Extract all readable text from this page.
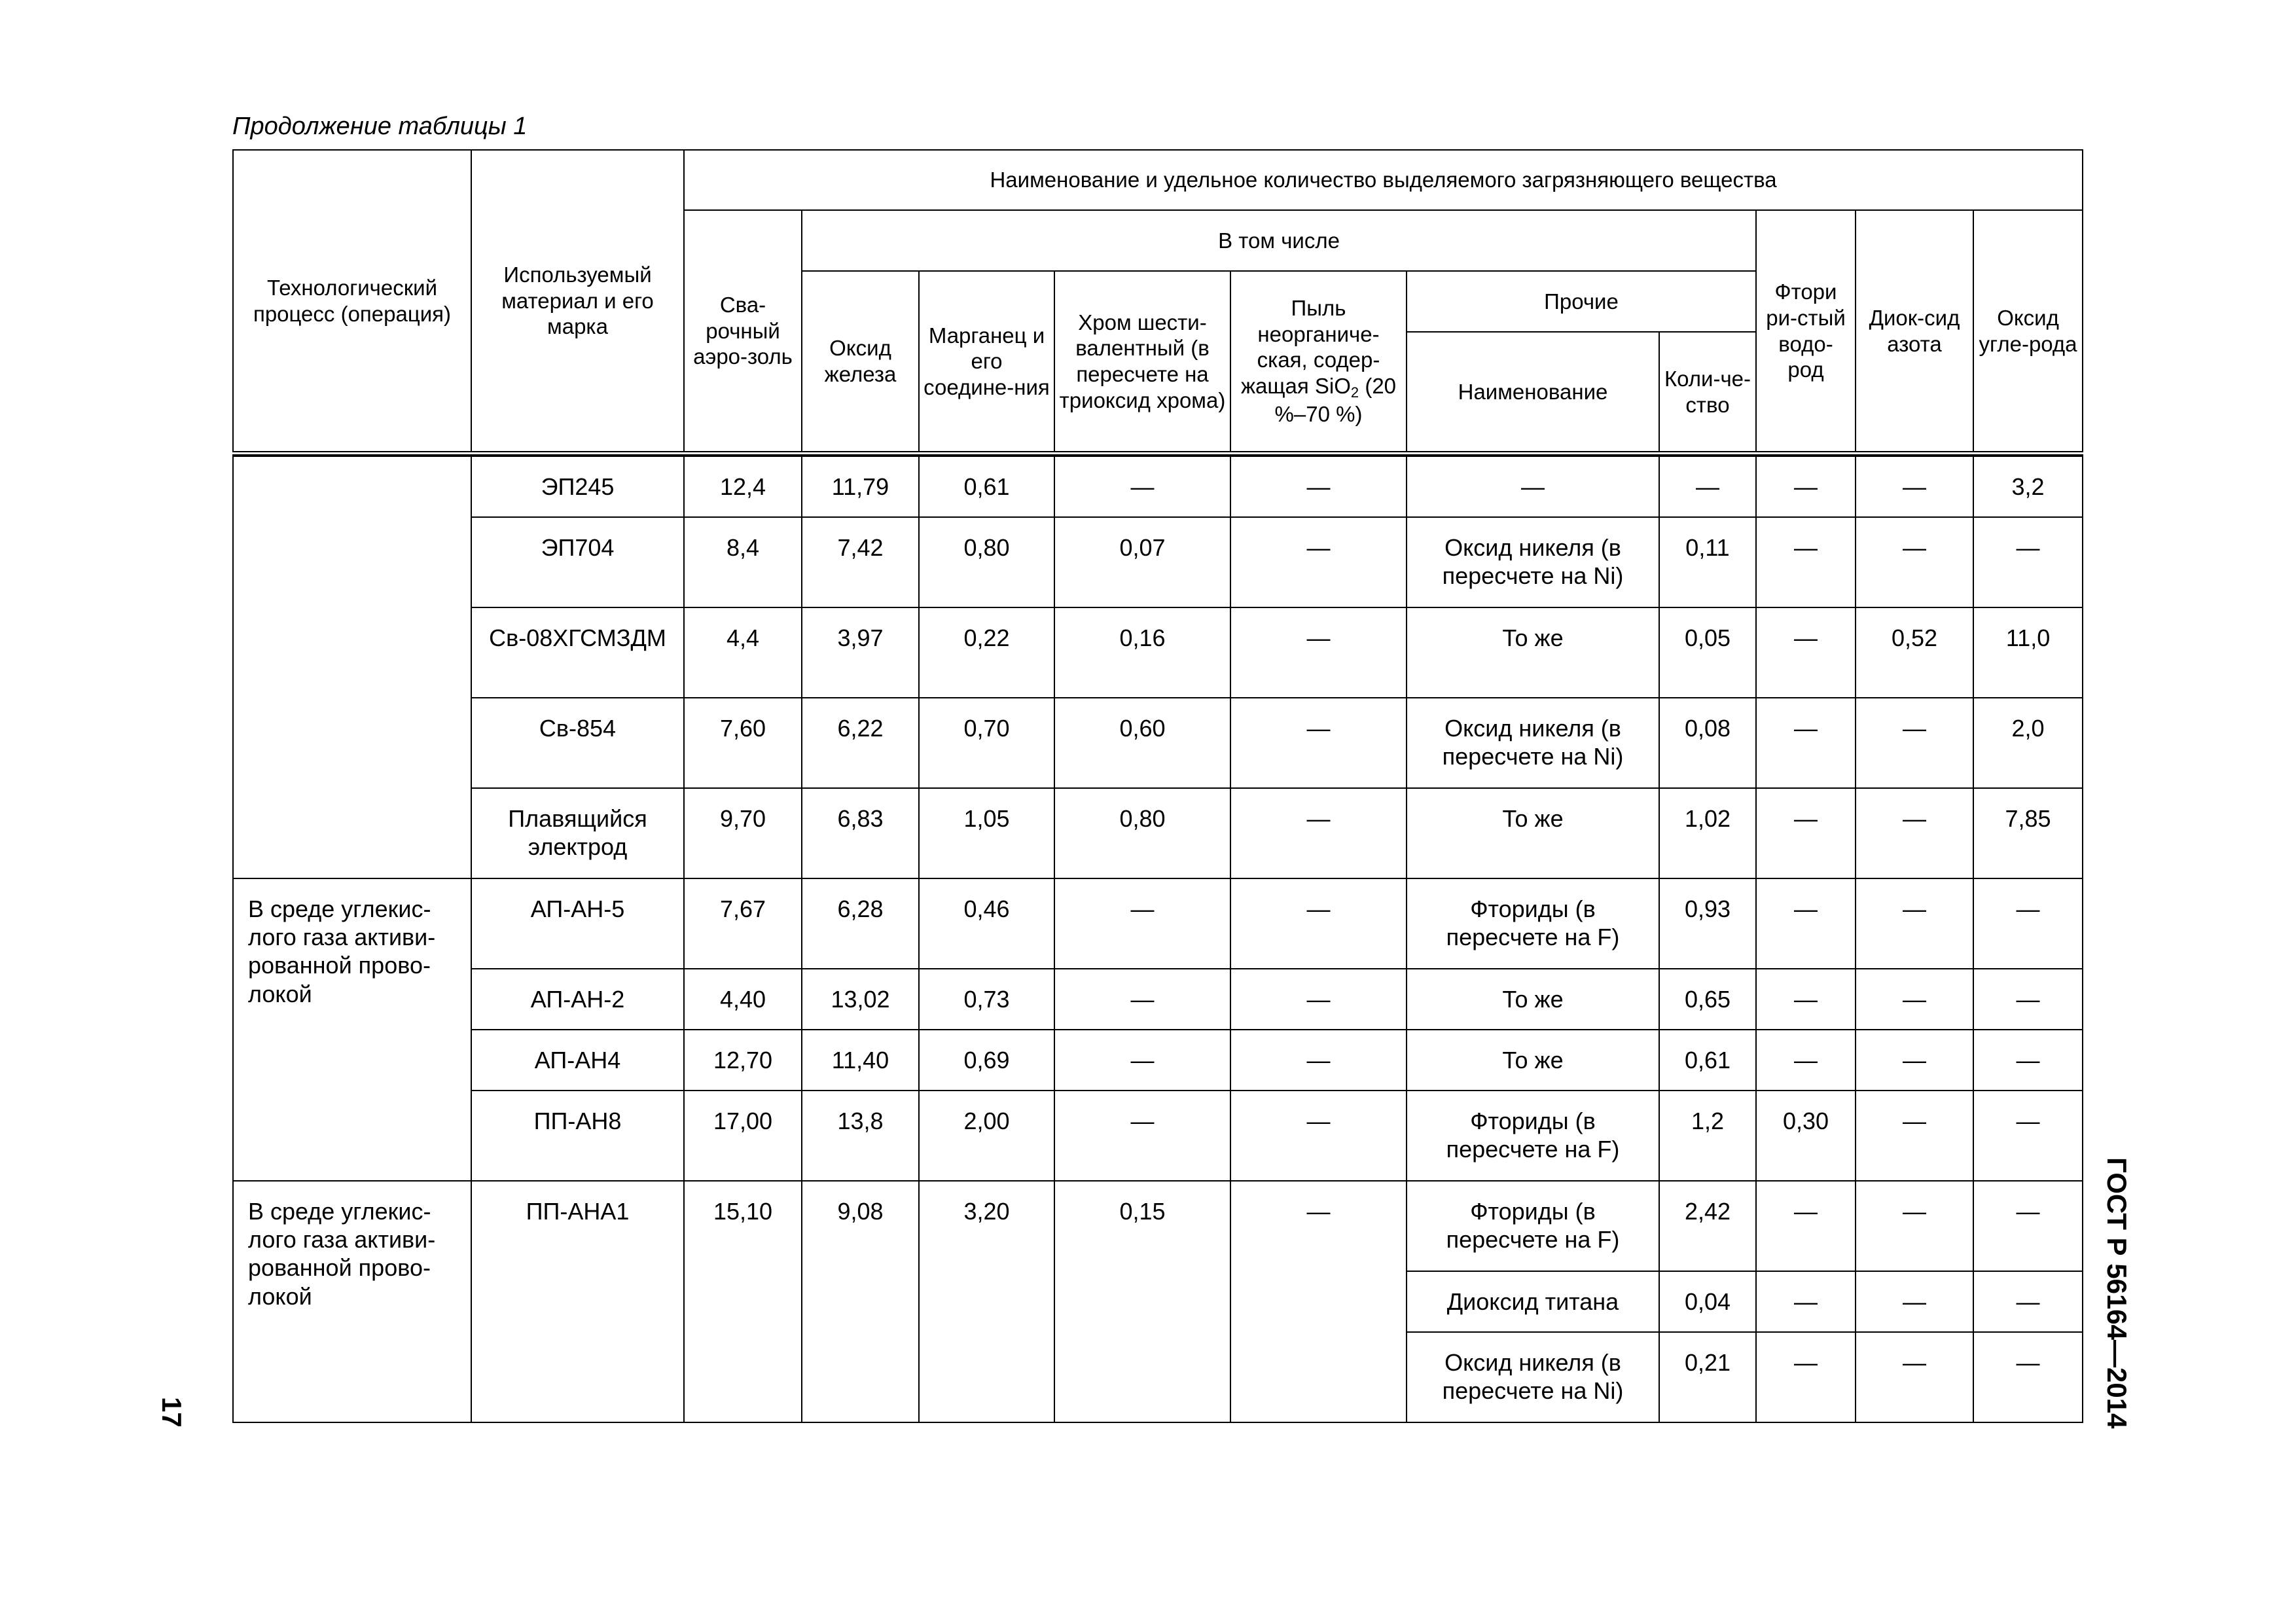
Продолжение таблицы 1
Технологический процесс (операция)	Используемый материал и его марка	Наименование и удельное количество выделяемого загрязняющего вещества									
		Сва-рочный аэро-золь	В том числе						Фтори ри-стый водо-род	Диок-сид азота	Оксид угле-рода
			Оксид железа	Марганец и его соедине-ния	Хром шести-валентный (в пересчете на триоксид хрома)	Пыль неорганиче-ская, содер-жащая SiO$_2$ (20 %–70 %)	Прочие				
							Наименование	Коли-че-ство			

	ЭП245	12,4	11,79	0,61	—	—	—	—	—	—	3,2
	ЭП704	8,4	7,42	0,80	0,07	—	Оксид никеля (в пересчете на Ni)	0,11	—	—	—
	Св-08ХГСМЗДМ	4,4	3,97	0,22	0,16	—	То же	0,05	—	0,52	11,0
	Св-854	7,60	6,22	0,70	0,60	—	Оксид никеля (в пересчете на Ni)	0,08	—	—	2,0
	Плавящийся электрод	9,70	6,83	1,05	0,80	—	То же	1,02	—	—	7,85
В среде углекис-лого газа активи-рованной прово-локой	АП-АН-5	7,67	6,28	0,46	—	—	Фториды (в пересчете на F)	0,93	—	—	—
	АП-АН-2	4,40	13,02	0,73	—	—	То же	0,65	—	—	—
	АП-АН4	12,70	11,40	0,69	—	—	То же	0,61	—	—	—
	ПП-АН8	17,00	13,8	2,00	—	—	Фториды (в пересчете на F)	1,2	0,30	—	—
В среде углекис-лого газа активи-рованной прово-локой	ПП-АНА1	15,10	9,08	3,20	0,15	—	Фториды (в пересчете на F)	2,42	—	—	—
							Диоксид титана	0,04	—	—	—
							Оксид никеля (в пересчете на Ni)	0,21	—	—	—
17	ГОСТ Р 56164—2014
